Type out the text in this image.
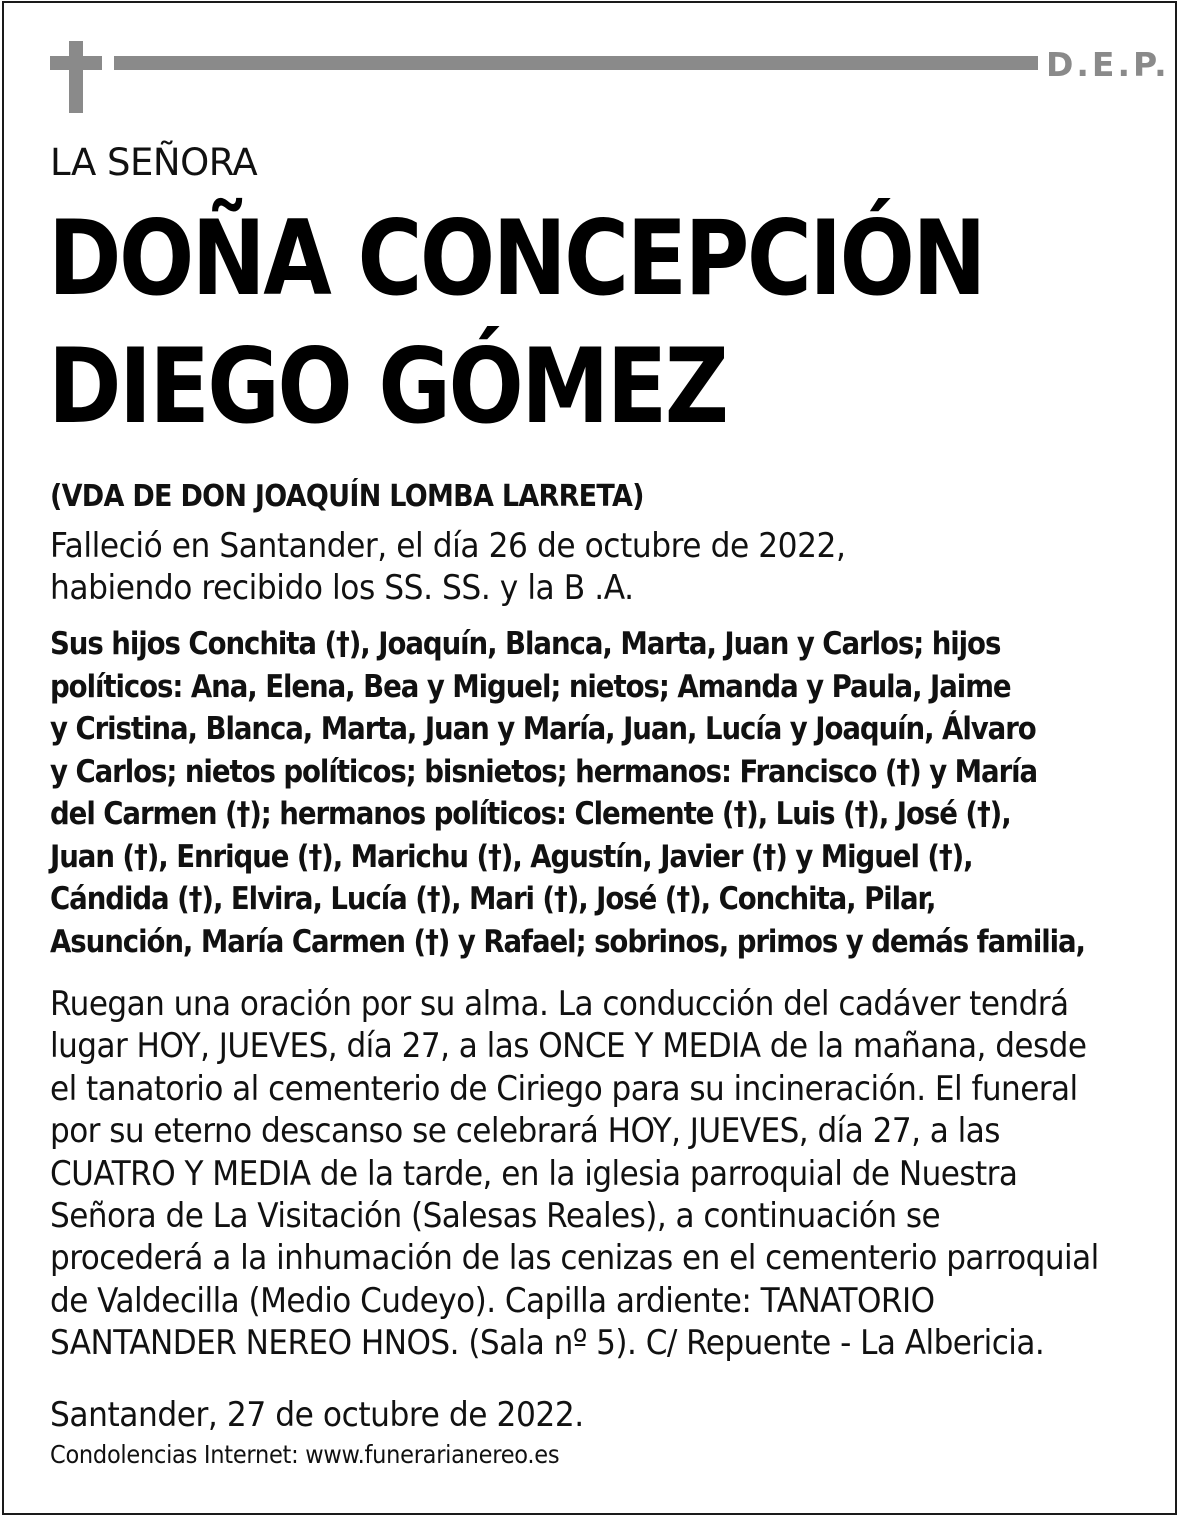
D.E.P.
LA SEÑORA
DOÑA CONCEPCIÓN
DIEGO GÓMEZ
(VDA DE DON JOAQUÍN LOMBA LARRETA)
Falleció en Santander, el día 26 de octubre de 2022,
habiendo recibido los SS. SS. y la B .A.
Sus hijos Conchita (†), Joaquín, Blanca, Marta, Juan y Carlos; hijos
políticos: Ana, Elena, Bea y Miguel; nietos; Amanda y Paula, Jaime
y Cristina, Blanca, Marta, Juan y María, Juan, Lucía y Joaquín, Álvaro
y Carlos; nietos políticos; bisnietos; hermanos: Francisco (†) y María
del Carmen (†); hermanos políticos: Clemente (†), Luis (†), José (†),
Juan (†), Enrique (†), Marichu (†), Agustín, Javier (†) y Miguel (†),
Cándida (†), Elvira, Lucía (†), Mari (†), José (†), Conchita, Pilar,
Asunción, María Carmen (†) y Rafael; sobrinos, primos y demás familia,
Ruegan una oración por su alma. La conducción del cadáver tendrá
lugar HOY, JUEVES, día 27, a las ONCE Y MEDIA de la mañana, desde
el tanatorio al cementerio de Ciriego para su incineración. El funeral
por su eterno descanso se celebrará HOY, JUEVES, día 27, a las
CUATRO Y MEDIA de la tarde, en la iglesia parroquial de Nuestra
Señora de La Visitación (Salesas Reales), a continuación se
procederá a la inhumación de las cenizas en el cementerio parroquial
de Valdecilla (Medio Cudeyo). Capilla ardiente: TANATORIO
SANTANDER NEREO HNOS. (Sala nº 5). C/ Repuente - La Albericia.
Santander, 27 de octubre de 2022.
Condolencias Internet: www.funerarianereo.es
